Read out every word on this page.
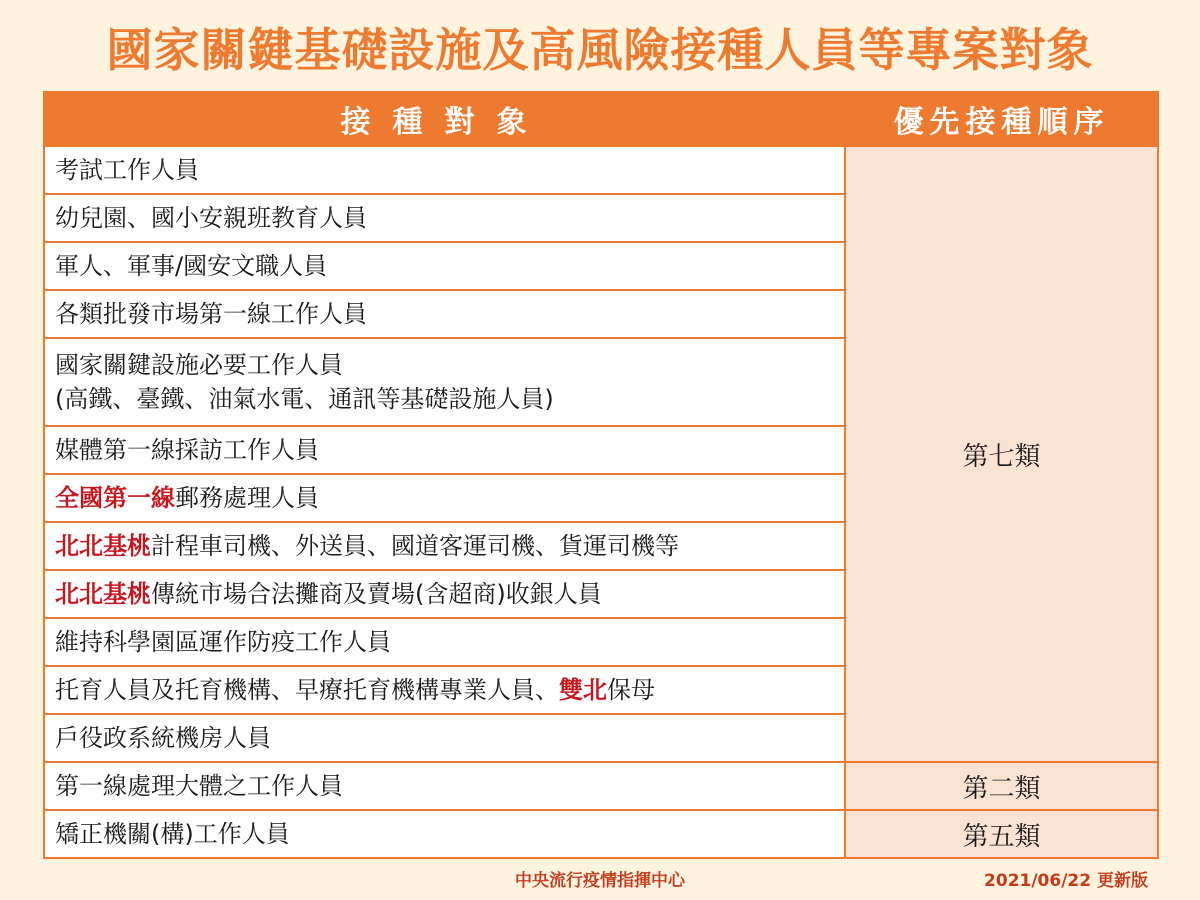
國家關鍵基礎設施及高風險接種人員等專案對象
接種對象	優先接種順序
考試工作人員	第七類
幼兒園、國小安親班教育人員	
軍人、軍事/國安文職人員	
各類批發市場第一線工作人員	
國家關鍵設施必要工作人員
(高鐵、臺鐵、油氣水電、通訊等基礎設施人員)	
媒體第一線採訪工作人員	
全國第一線郵務處理人員	
北北基桃計程車司機、外送員、國道客運司機、貨運司機等	
北北基桃傳統市場合法攤商及賣場(含超商)收銀人員	
維持科學園區運作防疫工作人員	
托育人員及托育機構、早療托育機構專業人員、雙北保母	
戶役政系統機房人員	
第一線處理大體之工作人員	第二類
矯正機關(構)工作人員	第五類
中央流行疫情指揮中心	2021/06/22 更新版
